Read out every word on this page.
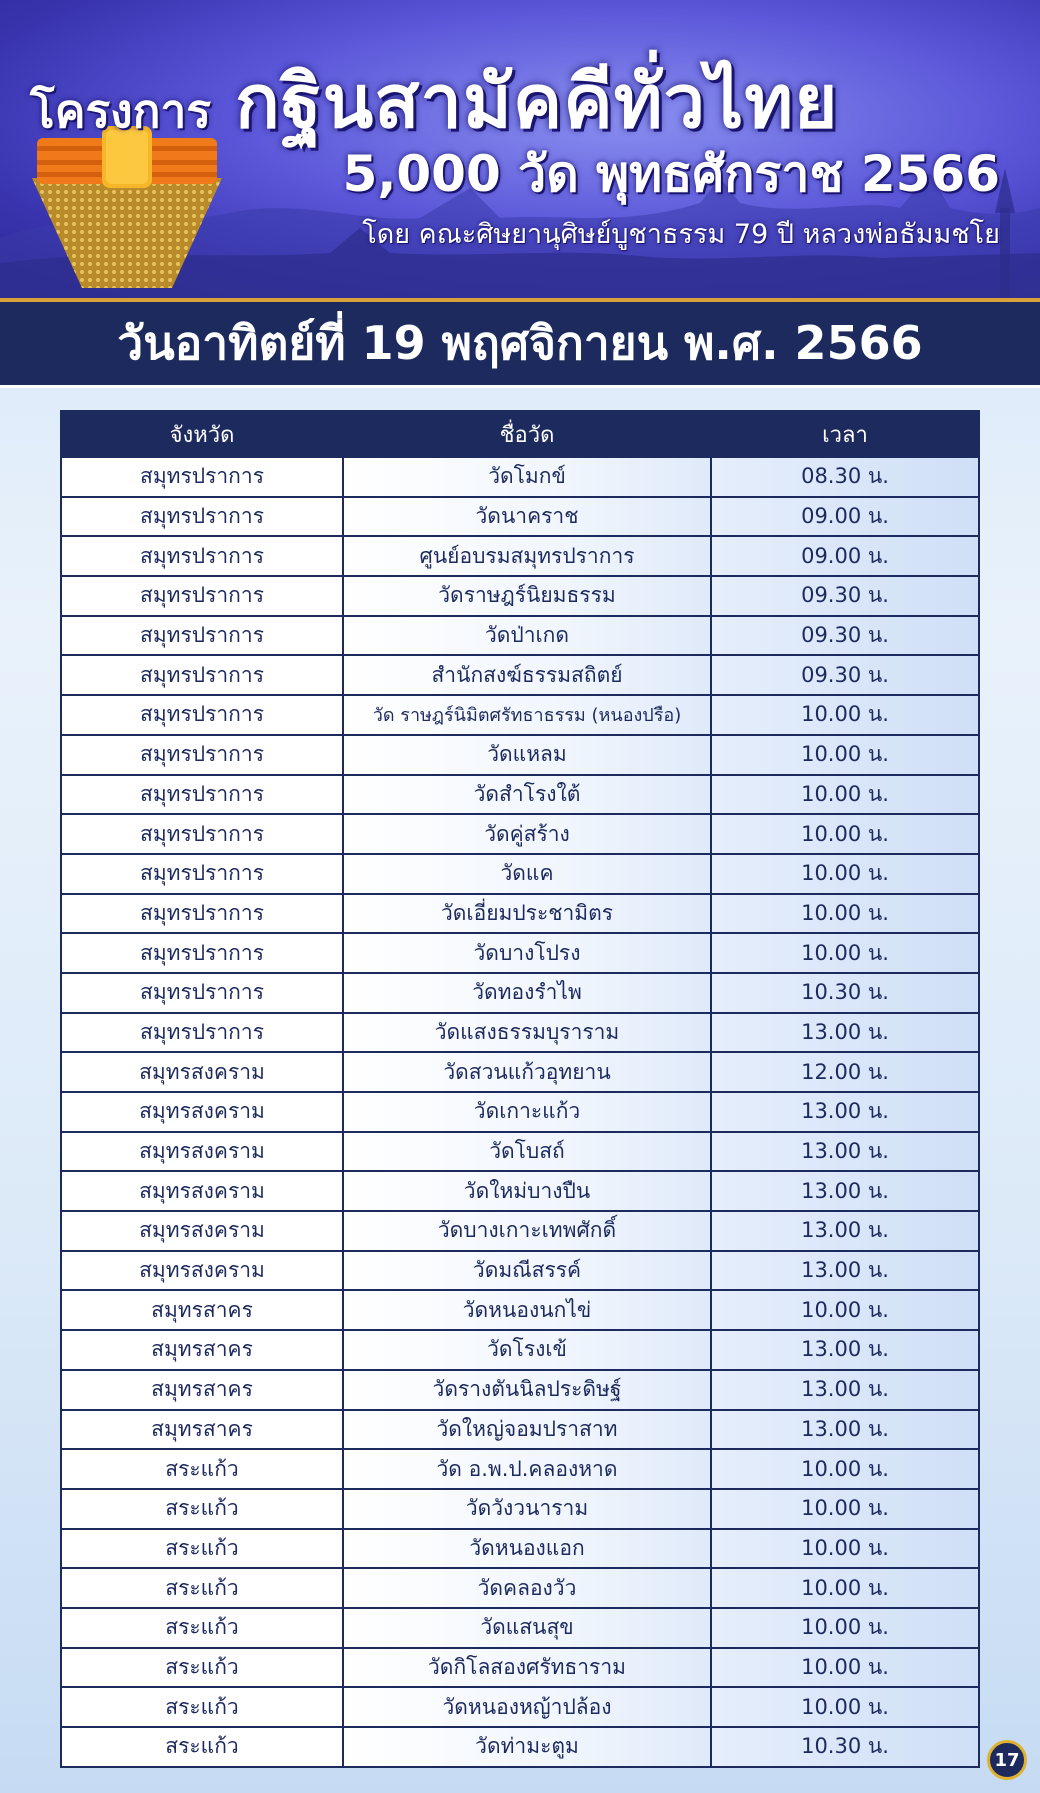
โครงการ กฐินสามัคคีทั่วไทย
5,000 วัด พุทธศักราช 2566
โดย คณะศิษยานุศิษย์บูชาธรรม 79 ปี หลวงพ่อธัมมชโย
วันอาทิตย์ที่ 19 พฤศจิกายน พ.ศ. 2566
จังหวัด	ชื่อวัด	เวลา
สมุทรปราการ	วัดโมกข์	08.30 น.
สมุทรปราการ	วัดนาคราช	09.00 น.
สมุทรปราการ	ศูนย์อบรมสมุทรปราการ	09.00 น.
สมุทรปราการ	วัดราษฎร์นิยมธรรม	09.30 น.
สมุทรปราการ	วัดป่าเกด	09.30 น.
สมุทรปราการ	สำนักสงฆ์ธรรมสถิตย์	09.30 น.
สมุทรปราการ	วัด ราษฎร์นิมิตศรัทธาธรรม (หนองปรือ)	10.00 น.
สมุทรปราการ	วัดแหลม	10.00 น.
สมุทรปราการ	วัดสำโรงใต้	10.00 น.
สมุทรปราการ	วัดคู่สร้าง	10.00 น.
สมุทรปราการ	วัดแค	10.00 น.
สมุทรปราการ	วัดเอี่ยมประชามิตร	10.00 น.
สมุทรปราการ	วัดบางโปรง	10.00 น.
สมุทรปราการ	วัดทองรำไพ	10.30 น.
สมุทรปราการ	วัดแสงธรรมบุราราม	13.00 น.
สมุทรสงคราม	วัดสวนแก้วอุทยาน	12.00 น.
สมุทรสงคราม	วัดเกาะแก้ว	13.00 น.
สมุทรสงคราม	วัดโบสถ์	13.00 น.
สมุทรสงคราม	วัดใหม่บางปืน	13.00 น.
สมุทรสงคราม	วัดบางเกาะเทพศักดิ์	13.00 น.
สมุทรสงคราม	วัดมณีสรรค์	13.00 น.
สมุทรสาคร	วัดหนองนกไข่	10.00 น.
สมุทรสาคร	วัดโรงเข้	13.00 น.
สมุทรสาคร	วัดรางตันนิลประดิษฐ์	13.00 น.
สมุทรสาคร	วัดใหญ่จอมปราสาท	13.00 น.
สระแก้ว	วัด อ.พ.ป.คลองหาด	10.00 น.
สระแก้ว	วัดวังวนาราม	10.00 น.
สระแก้ว	วัดหนองแอก	10.00 น.
สระแก้ว	วัดคลองวัว	10.00 น.
สระแก้ว	วัดแสนสุข	10.00 น.
สระแก้ว	วัดกิโลสองศรัทธาราม	10.00 น.
สระแก้ว	วัดหนองหญ้าปล้อง	10.00 น.
สระแก้ว	วัดท่ามะตูม	10.30 น.
17
